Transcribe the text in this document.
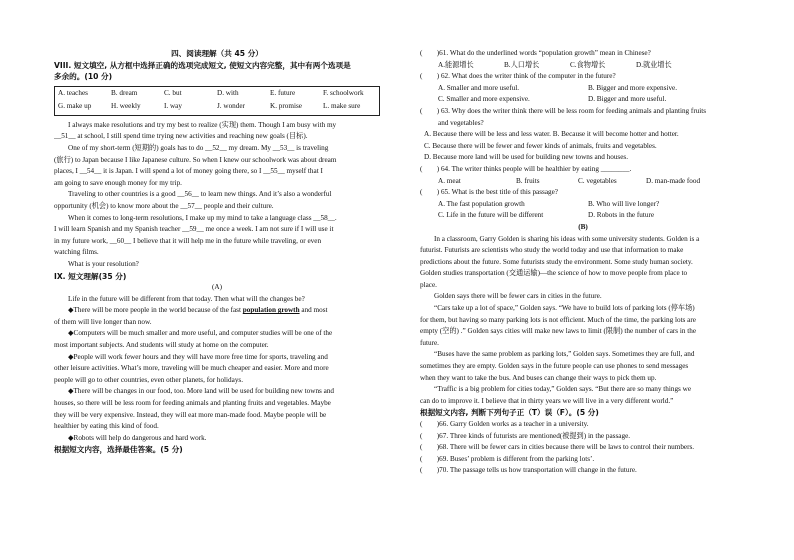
四、阅读理解（共 45 分）
VIII. 短文填空, 从方框中选择正确的选项完成短文, 使短文内容完整，其中有两个选项是
多余的。(10 分)
A. teaches	B. dream	C. but	D. with	E. future	F. schoolwork
G. make up	H. weekly	I. way	J. wonder	K. promise	L. make sure
I always make resolutions and try my best to realize (实现) them. Though I am busy with my
__51__ at school, I still spend time trying new activities and reaching new goals (目标).
One of my short-term (短期的) goals has to do __52__ my dream. My __53__ is traveling
(旅行) to Japan because I like Japanese culture. So when I knew our schoolwork was about dream
places, I __54__ it is Japan. I will spend a lot of money going there, so I __55__ myself that I
am going to save enough money for my trip.
Traveling to other countries is a good __56__ to learn new things. And it’s also a wonderful
opportunity (机会) to know more about the __57__ people and their culture.
When it comes to long-term resolutions, I make up my mind to take a language class __58__.
I will learn Spanish and my Spanish teacher __59__ me once a week. I am not sure if I will use it
in my future work, __60__ I believe that it will help me in the future while traveling, or even
watching films.
What is your resolution?
IX. 短文理解(35 分)
(A)
Life in the future will be different from that today. Then what will the changes be?
◆There will be more people in the world because of the fast population growth and most
of them will live longer than now.
◆Computers will be much smaller and more useful, and computer studies will be one of the
most important subjects. And students will study at home on the computer.
◆People will work fewer hours and they will have more free time for sports, traveling and
other leisure activities. What’s more, traveling will be much cheaper and easier. More and more
people will go to other countries, even other planets, for holidays.
◆There will be changes in our food, too. More land will be used for building new towns and
houses, so there will be less room for feeding animals and planting fruits and vegetables. Maybe
they will be very expensive. Instead, they will eat more man-made food. Maybe people will be
healthier by eating this kind of food.
◆Robots will help do dangerous and hard work.
根据短文内容，选择最佳答案。(5 分)
(　　)61. What do the underlined words “population growth” mean in Chinese?
A.能源增长	B.人口增长	C.食物增长	D.就业增长
(　　) 62. What does the writer think of the computer in the future?
A. Smaller and more useful.	B. Bigger and more expensive.
C. Smaller and more expensive.	D. Bigger and more useful.
(　　) 63. Why does the writer think there will be less room for feeding animals and planting fruits
and vegetables?
A. Because there will be less and less water. B. Because it will become hotter and hotter.
C. Because there will be fewer and fewer kinds of animals, fruits and vegetables.
D. Because more land will be used for building new towns and houses.
(　　) 64. The writer thinks people will be healthier by eating ________.
A. meat	B. fruits	C. vegetables	D. man-made food
(　　) 65. What is the best title of this passage?
A. The fast population growth	B. Who will live longer?
C. Life in the future will be different	D. Robots in the future
(B)
In a classroom, Garry Golden is sharing his ideas with some university students. Golden is a
futurist. Futurists are scientists who study the world today and use that information to make
predictions about the future. Some futurists study the environment. Some study human society.
Golden studies transportation (交通运输)—the science of how to move people from place to
place.
Golden says there will be fewer cars in cities in the future.
“Cars take up a lot of space,” Golden says. “We have to build lots of parking lots (停车场)
for them, but having so many parking lots is not efficient. Much of the time, the parking lots are
empty (空的) .” Golden says cities will make new laws to limit (限制) the number of cars in the
future.
“Buses have the same problem as parking lots,” Golden says. Sometimes they are full, and
sometimes they are empty. Golden says in the future people can use phones to send messages
when they want to take the bus. And buses can change their ways to pick them up.
“Traffic is a big problem for cities today,” Golden says. “But there are so many things we
can do to improve it. I believe that in thirty years we will live in a very different world.”
根据短文内容, 判断下列句子正（T）误（F）。(5 分)
(　　)66. Garry Golden works as a teacher in a university.
(　　)67. Three kinds of futurists are mentioned(被提到) in the passage.
(　　)68. There will be fewer cars in cities because there will be laws to control their numbers.
(　　)69. Buses’ problem is different from the parking lots’.
(　　)70. The passage tells us how transportation will change in the future.
